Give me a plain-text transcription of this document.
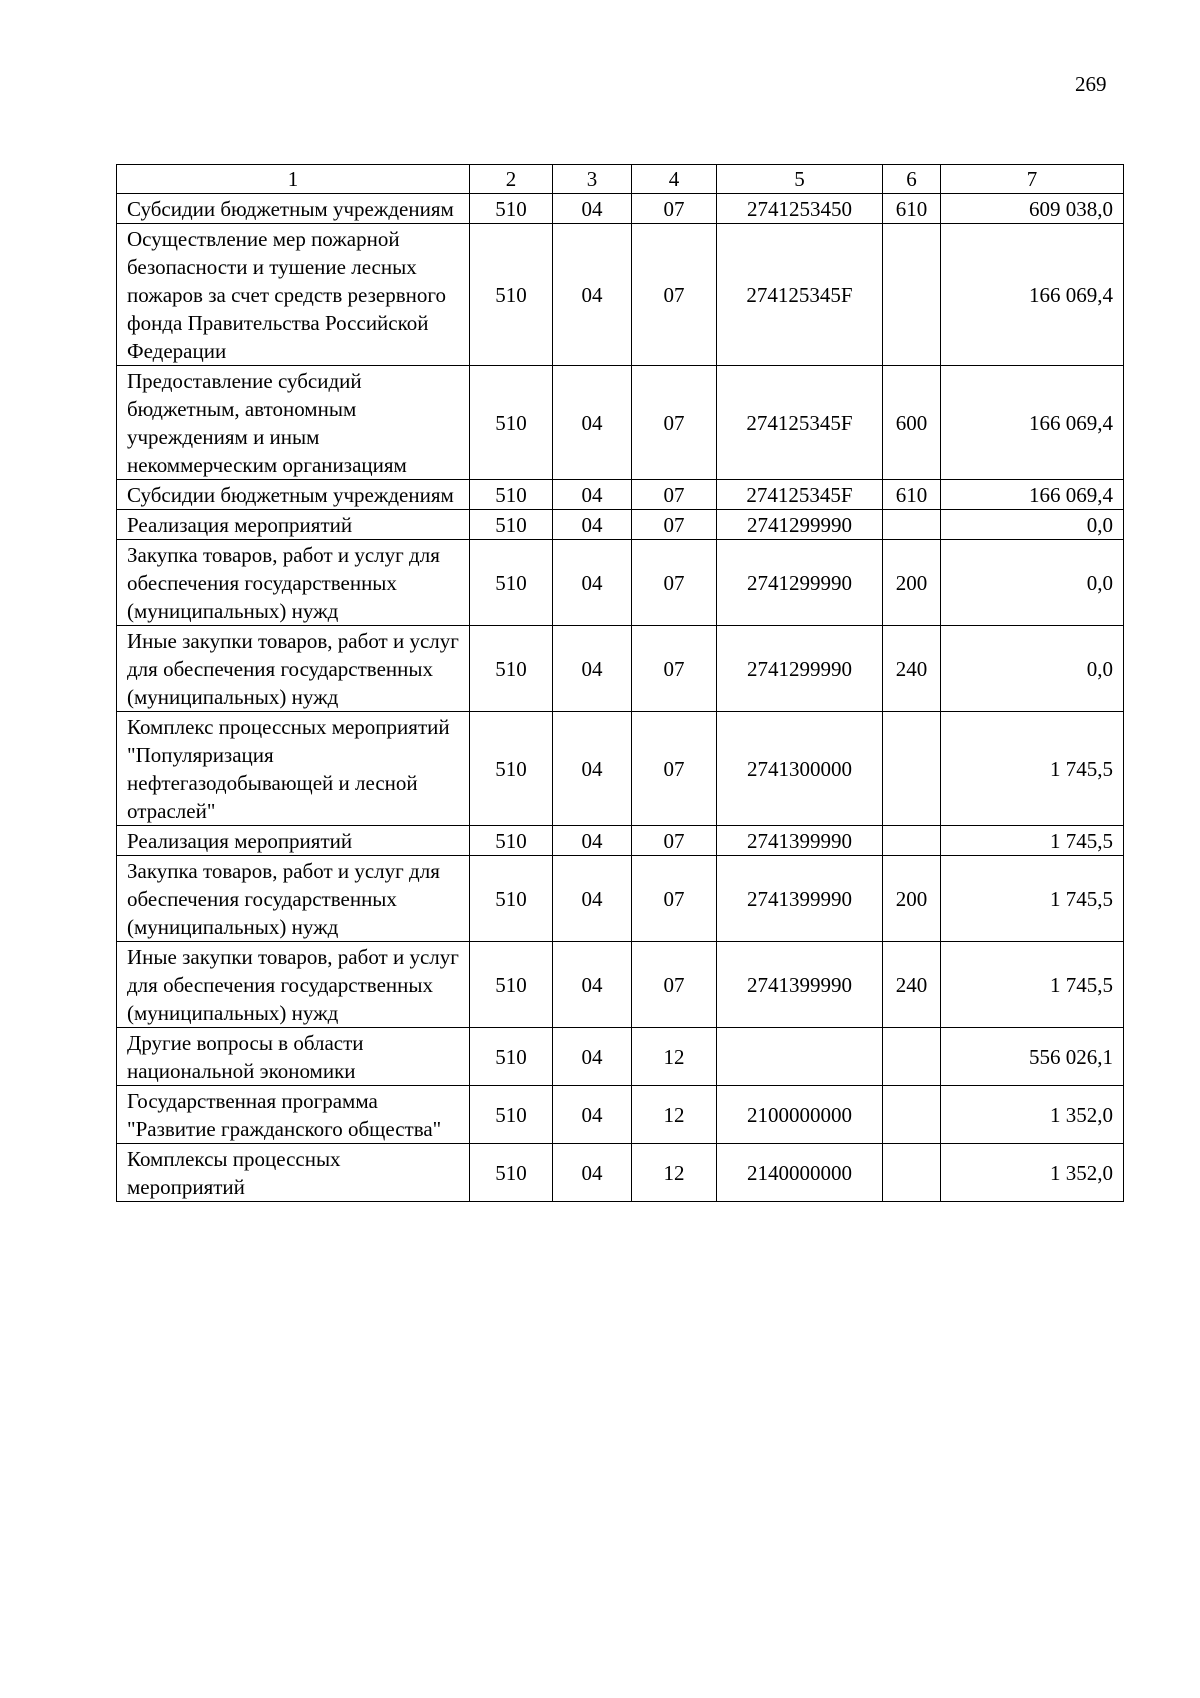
269
1	2	3	4	5	6	7
Субсидии бюджетным учреждениям	510	04	07	2741253450	610	609 038,0
Осуществление мер пожарной безопасности и тушение лесных пожаров за счет средств резервного фонда Правительства Российской Федерации	510	04	07	274125345F		166 069,4
Предоставление субсидий бюджетным, автономным учреждениям и иным некоммерческим организациям	510	04	07	274125345F	600	166 069,4
Субсидии бюджетным учреждениям	510	04	07	274125345F	610	166 069,4
Реализация мероприятий	510	04	07	2741299990		0,0
Закупка товаров, работ и услуг для обеспечения государственных (муниципальных) нужд	510	04	07	2741299990	200	0,0
Иные закупки товаров, работ и услуг для обеспечения государственных (муниципальных) нужд	510	04	07	2741299990	240	0,0
Комплекс процессных мероприятий "Популяризация нефтегазодобывающей и лесной отраслей"	510	04	07	2741300000		1 745,5
Реализация мероприятий	510	04	07	2741399990		1 745,5
Закупка товаров, работ и услуг для обеспечения государственных (муниципальных) нужд	510	04	07	2741399990	200	1 745,5
Иные закупки товаров, работ и услуг для обеспечения государственных (муниципальных) нужд	510	04	07	2741399990	240	1 745,5
Другие вопросы в области национальной экономики	510	04	12			556 026,1
Государственная программа "Развитие гражданского общества"	510	04	12	2100000000		1 352,0
Комплексы процессных мероприятий	510	04	12	2140000000		1 352,0
